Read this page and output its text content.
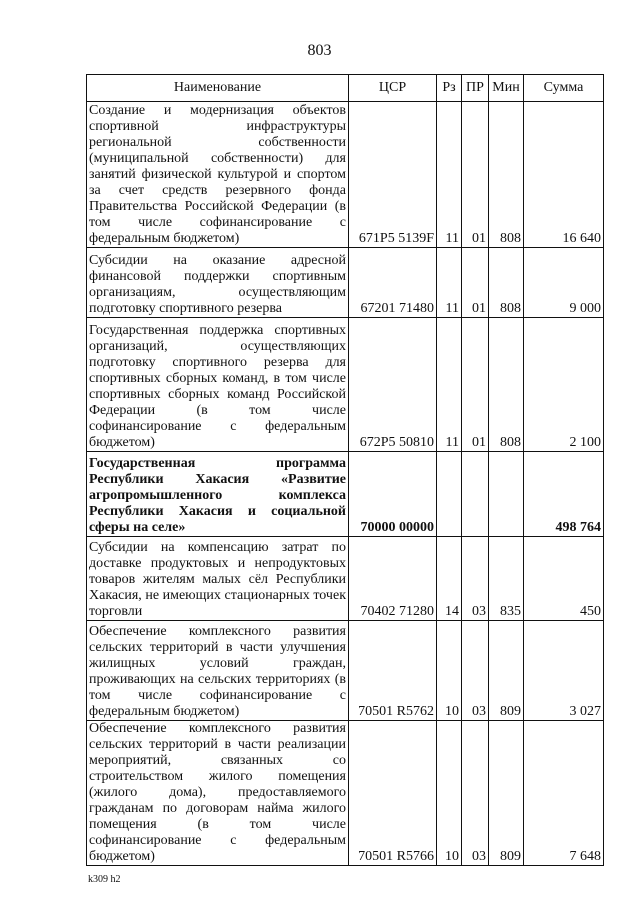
803
Наименование	ЦСР	Рз	ПР	Мин	Сумма
Создание и модернизация объектов спортивной инфраструктуры региональной собственности (муниципальной собственности) для занятий физической культурой и спортом за счет средств резервного фонда Правительства Российской Федерации (в том числе софинансирование с федеральным бюджетом)	671P5 5139F	11	01	808	16 640
Субсидии на оказание адресной финансовой поддержки спортивным организациям, осуществляющим подготовку спортивного резерва	67201 71480	11	01	808	9 000
Государственная поддержка спортивных организаций, осуществляющих подготовку спортивного резерва для спортивных сборных команд, в том числе спортивных сборных команд Российской Федерации (в том числе софинансирование с федеральным бюджетом)	672P5 50810	11	01	808	2 100
Государственная программа Республики Хакасия «Развитие агропромышленного комплекса Республики Хакасия и социальной сферы на селе»	70000 00000				498 764
Субсидии на компенсацию затрат по доставке продуктовых и непродуктовых товаров жителям малых сёл Республики Хакасия, не имеющих стационарных точек торговли	70402 71280	14	03	835	450
Обеспечение комплексного развития сельских территорий в части улучшения жилищных условий граждан, проживающих на сельских территориях (в том числе софинансирование с федеральным бюджетом)	70501 R5762	10	03	809	3 027
Обеспечение комплексного развития сельских территорий в части реализации мероприятий, связанных со строительством жилого помещения (жилого дома), предоставляемого гражданам по договорам найма жилого помещения (в том числе софинансирование с федеральным бюджетом)	70501 R5766	10	03	809	7 648
k309 h2
